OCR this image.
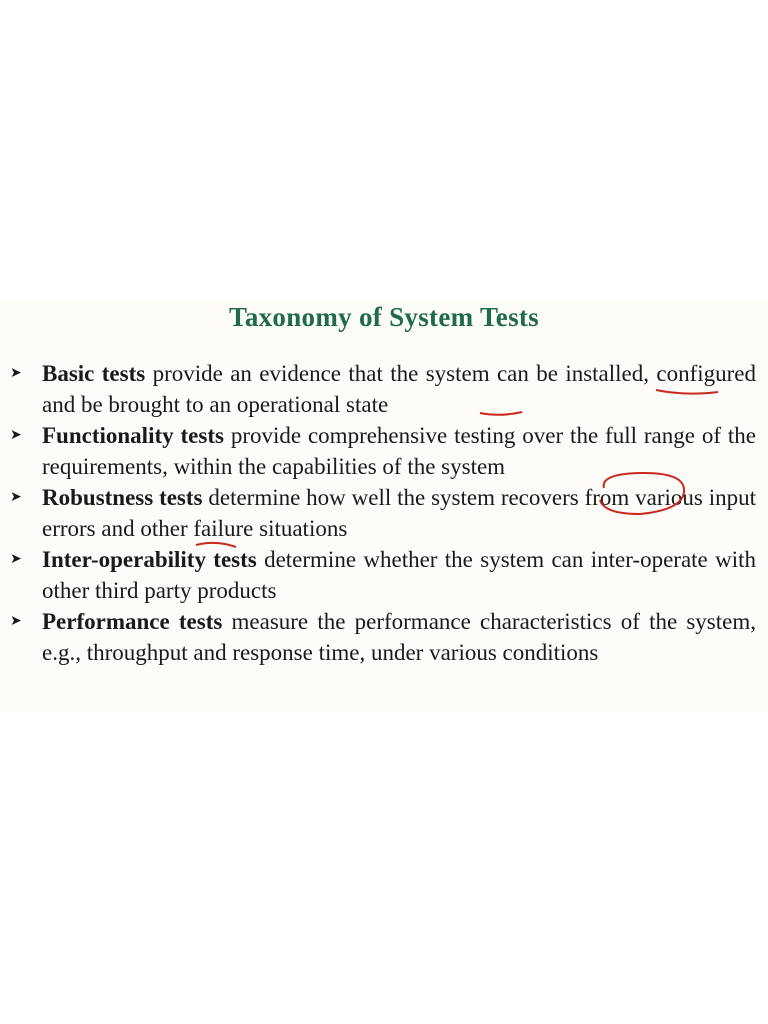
Taxonomy of System Tests
➤ Basic tests provide an evidence that the system can be installed, configured and be brought to an operational state
➤ Functionality tests provide comprehensive testing over the full range of the requirements, within the capabilities of the system
➤ Robustness tests determine how well the system recovers from various input errors and other failure situations
➤ Inter-operability tests determine whether the system can inter-operate with other third party products
➤ Performance tests measure the performance characteristics of the system, e.g., throughput and response time, under various conditions
